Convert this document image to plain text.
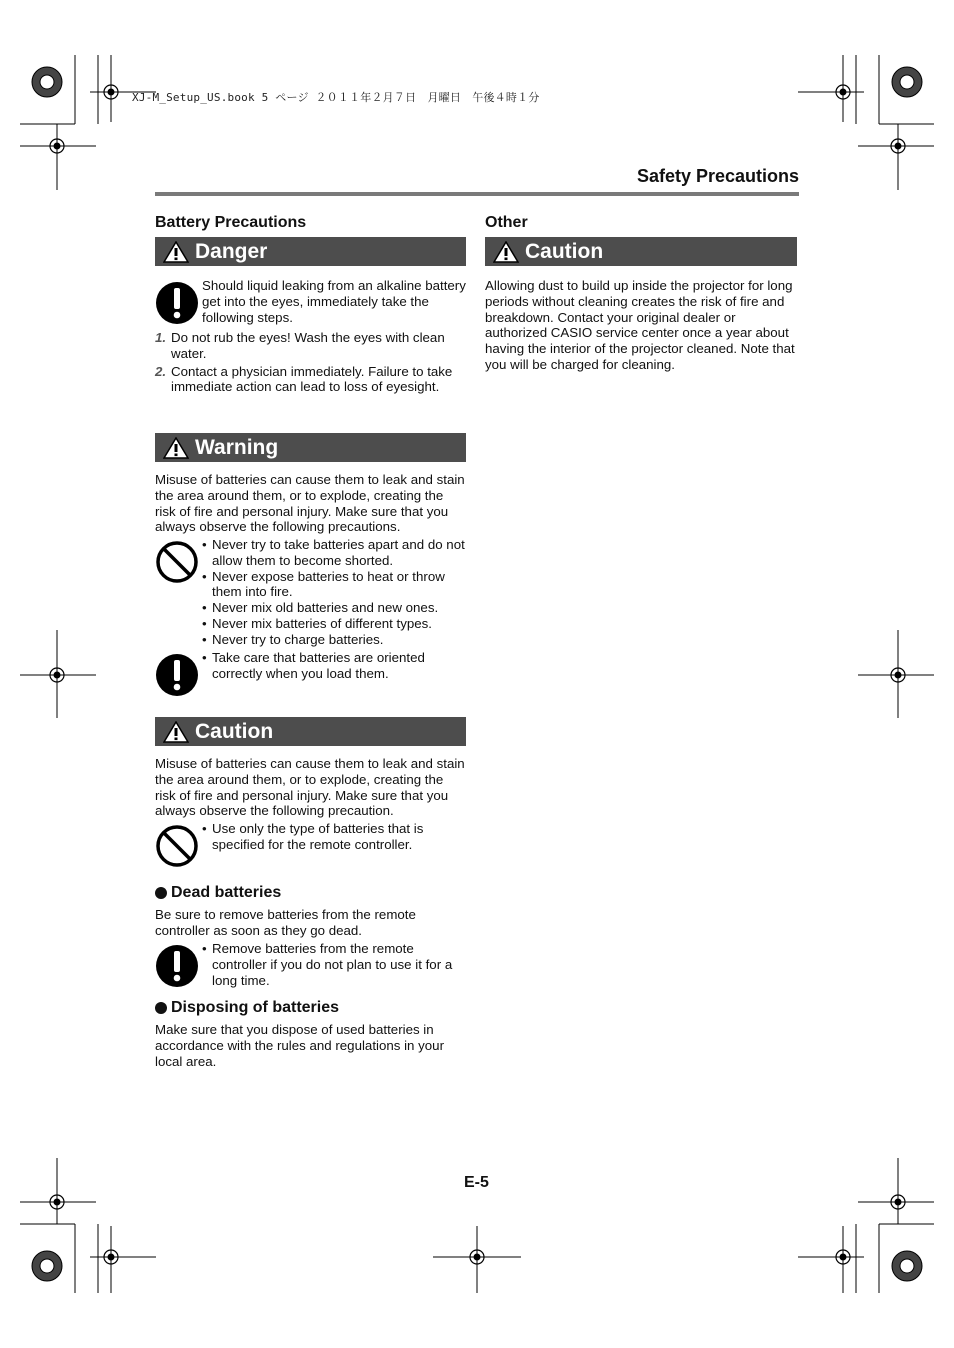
XJ-M_Setup_US.book 5 ページ ２０１１年２月７日　月曜日　午後４時１分
Safety Precautions
Battery Precautions
Danger
Should liquid leaking from an alkaline battery get into the eyes, immediately take the following steps.
1. Do not rub the eyes! Wash the eyes with clean water.
2. Contact a physician immediately. Failure to take immediate action can lead to loss of eyesight.
Warning
Misuse of batteries can cause them to leak and stain the area around them, or to explode, creating the risk of fire and personal injury. Make sure that you always observe the following precautions.
• Never try to take batteries apart and do not allow them to become shorted.
• Never expose batteries to heat or throw them into fire.
• Never mix old batteries and new ones.
• Never mix batteries of different types.
• Never try to charge batteries.
• Take care that batteries are oriented correctly when you load them.
Caution
Misuse of batteries can cause them to leak and stain the area around them, or to explode, creating the risk of fire and personal injury. Make sure that you always observe the following precaution.
• Use only the type of batteries that is specified for the remote controller.
Dead batteries
Be sure to remove batteries from the remote controller as soon as they go dead.
• Remove batteries from the remote controller if you do not plan to use it for a long time.
Disposing of batteries
Make sure that you dispose of used batteries in accordance with the rules and regulations in your local area.
Other
Caution
Allowing dust to build up inside the projector for long periods without cleaning creates the risk of fire and breakdown. Contact your original dealer or authorized CASIO service center once a year about having the interior of the projector cleaned. Note that you will be charged for cleaning.
E-5
